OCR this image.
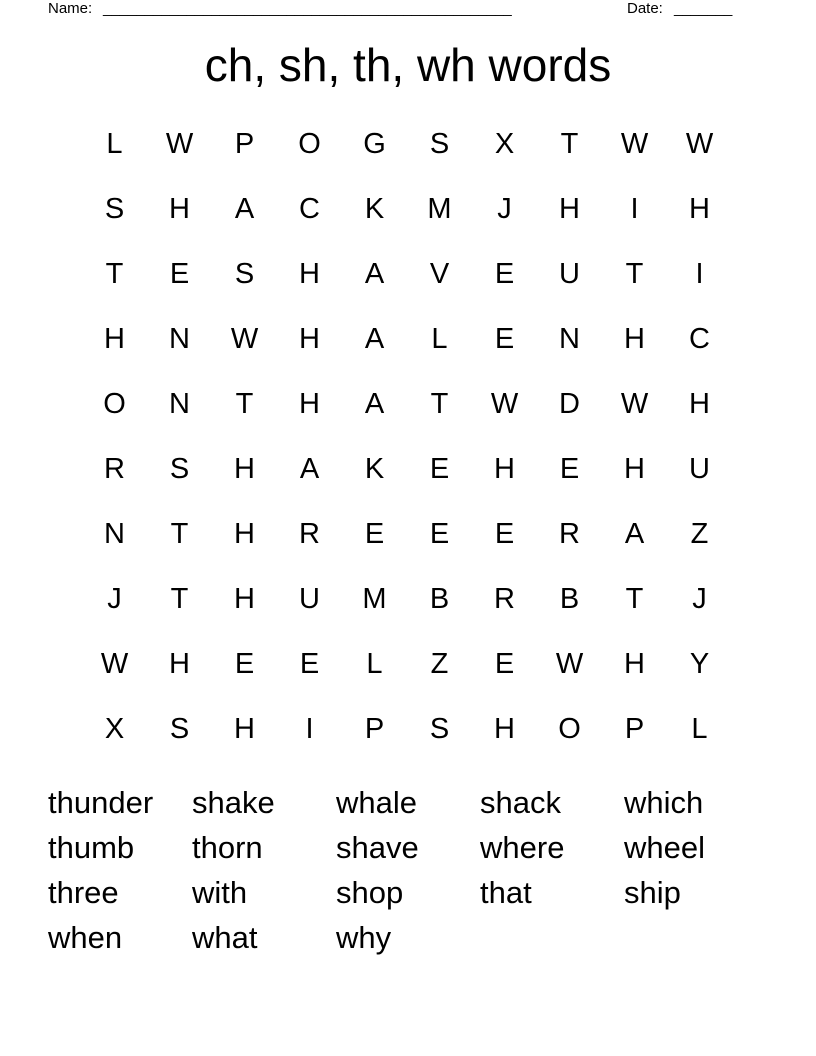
Name: _________________________________________________	Date: _______
ch, sh, th, wh words
L	W	P	O	G	S	X	T	W	W
S	H	A	C	K	M	J	H	I	H
T	E	S	H	A	V	E	U	T	I
H	N	W	H	A	L	E	N	H	C
O	N	T	H	A	T	W	D	W	H
R	S	H	A	K	E	H	E	H	U
N	T	H	R	E	E	E	R	A	Z
J	T	H	U	M	B	R	B	T	J
W	H	E	E	L	Z	E	W	H	Y
X	S	H	I	P	S	H	O	P	L
thunder	shake	whale	shack	which
thumb	thorn	shave	where	wheel
three	with	shop	that	ship
when	what	why
